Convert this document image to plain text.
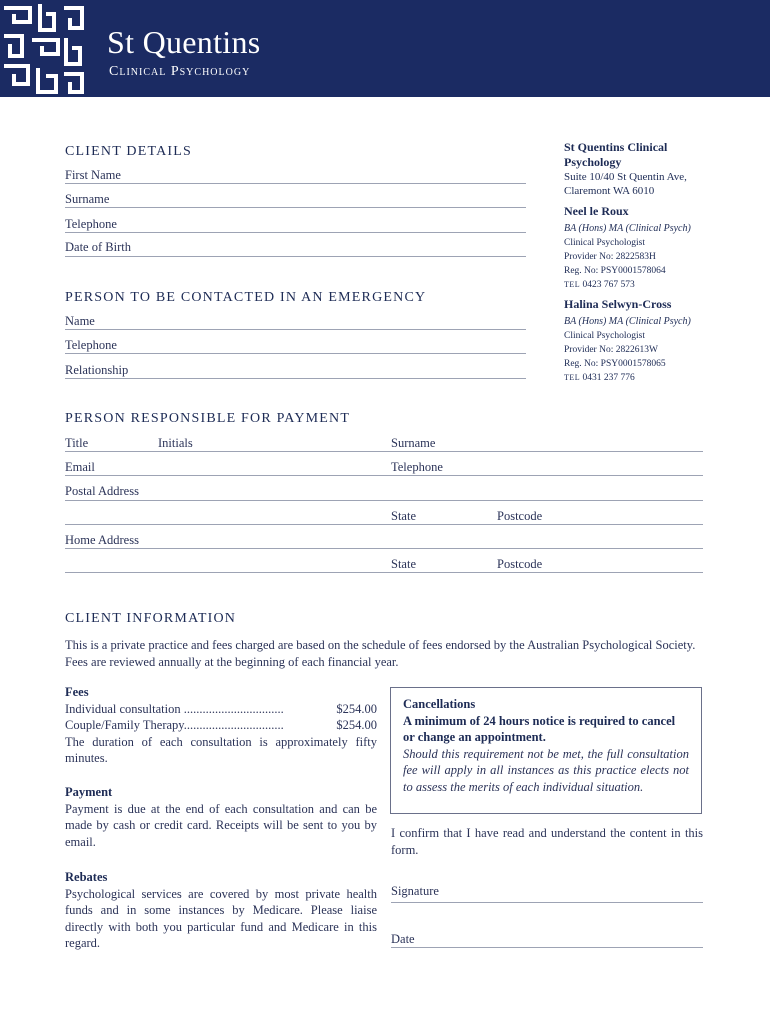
St Quentins
Clinical Psychology
CLIENT DETAILS
First Name
Surname
Telephone
Date of Birth
PERSON TO BE CONTACTED IN AN EMERGENCY
Name
Telephone
Relationship
St Quentins Clinical
Psychology
Suite 10/40 St Quentin Ave,
Claremont WA 6010
Neel le Roux
BA (Hons) MA (Clinical Psych)
Clinical Psychologist
Provider No: 2822583H
Reg. No: PSY0001578064
TEL 0423 767 573
Halina Selwyn-Cross
BA (Hons) MA (Clinical Psych)
Clinical Psychologist
Provider No: 2822613W
Reg. No: PSY0001578065
TEL 0431 237 776
PERSON RESPONSIBLE FOR PAYMENT
Title	Initials	Surname
Email	Telephone
Postal Address
State	Postcode
Home Address
State	Postcode
CLIENT INFORMATION
This is a private practice and fees charged are based on the schedule of fees endorsed by the Australian Psychological Society. Fees are reviewed annually at the beginning of each financial year.
Fees
Individual consultation ................................	$254.00
Couple/Family Therapy................................	$254.00
The duration of each consultation is approximately fifty minutes.
Payment
Payment is due at the end of each consultation and can be made by cash or credit card. Receipts will be sent to you by email.
Rebates
Psychological services are covered by most private health funds and in some instances by Medicare. Please liaise directly with both you particular fund and Medicare in this regard.
Cancellations
A minimum of 24 hours notice is required to cancel or change an appointment.
Should this requirement not be met, the full consultation fee will apply in all instances as this practice elects not to assess the merits of each individual situation.
I confirm that I have read and understand the content in this form.
Signature
Date
